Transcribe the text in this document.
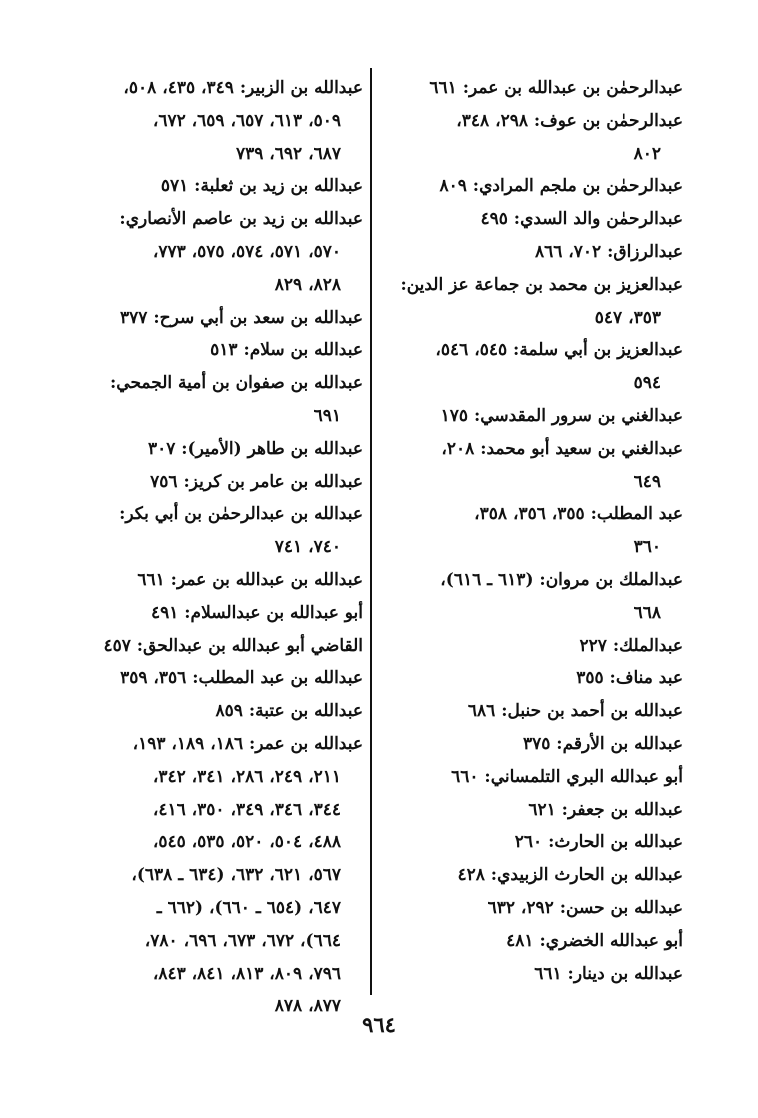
عبدالرحمٰن بن عبدالله بن عمر: ٦٦١
عبدالرحمٰن بن عوف: ٢٩٨، ٣٤٨،
٨٠٢
عبدالرحمٰن بن ملجم المرادي: ٨٠٩
عبدالرحمٰن والد السدي: ٤٩٥
عبدالرزاق: ٧٠٢، ٨٦٦
عبدالعزيز بن محمد بن جماعة عز الدين:
٣٥٣، ٥٤٧
عبدالعزيز بن أبي سلمة: ٥٤٥، ٥٤٦،
٥٩٤
عبدالغني بن سرور المقدسي: ١٧٥
عبدالغني بن سعيد أبو محمد: ٢٠٨،
٦٤٩
عبد المطلب: ٣٥٥، ٣٥٦، ٣٥٨،
٣٦٠
عبدالملك بن مروان: (٦١٣ ـ ٦١٦)،
٦٦٨
عبدالملك: ٢٢٧
عبد مناف: ٣٥٥
عبدالله بن أحمد بن حنبل: ٦٨٦
عبدالله بن الأرقم: ٣٧٥
أبو عبدالله البري التلمساني: ٦٦٠
عبدالله بن جعفر: ٦٢١
عبدالله بن الحارث: ٢٦٠
عبدالله بن الحارث الزبيدي: ٤٢٨
عبدالله بن حسن: ٢٩٢، ٦٣٢
أبو عبدالله الخضري: ٤٨١
عبدالله بن دينار: ٦٦١
عبدالله بن الزبير: ٣٤٩، ٤٣٥، ٥٠٨،
٥٠٩، ٦١٣، ٦٥٧، ٦٥٩، ٦٧٢،
٦٨٧، ٦٩٢، ٧٣٩
عبدالله بن زيد بن ثعلبة: ٥٧١
عبدالله بن زيد بن عاصم الأنصاري:
٥٧٠، ٥٧١، ٥٧٤، ٥٧٥، ٧٧٣،
٨٢٨، ٨٢٩
عبدالله بن سعد بن أبي سرح: ٣٧٧
عبدالله بن سلام: ٥١٣
عبدالله بن صفوان بن أمية الجمحي:
٦٩١
عبدالله بن طاهر (الأمير): ٣٠٧
عبدالله بن عامر بن كريز: ٧٥٦
عبدالله بن عبدالرحمٰن بن أبي بكر:
٧٤٠، ٧٤١
عبدالله بن عبدالله بن عمر: ٦٦١
أبو عبدالله بن عبدالسلام: ٤٩١
القاضي أبو عبدالله بن عبدالحق: ٤٥٧
عبدالله بن عبد المطلب: ٣٥٦، ٣٥٩
عبدالله بن عتبة: ٨٥٩
عبدالله بن عمر: ١٨٦، ١٨٩، ١٩٣،
٢١١، ٢٤٩، ٢٨٦، ٣٤١، ٣٤٢،
٣٤٤، ٣٤٦، ٣٤٩، ٣٥٠، ٤١٦،
٤٨٨، ٥٠٤، ٥٢٠، ٥٣٥، ٥٤٥،
٥٦٧، ٦٢١، ٦٣٢، (٦٣٤ ـ ٦٣٨)،
٦٤٧، (٦٥٤ ـ ٦٦٠)، (٦٦٢ ـ
٦٦٤)، ٦٧٢، ٦٧٣، ٦٩٦، ٧٨٠،
٧٩٦، ٨٠٩، ٨١٣، ٨٤١، ٨٤٣،
٨٧٧، ٨٧٨
٩٦٤
